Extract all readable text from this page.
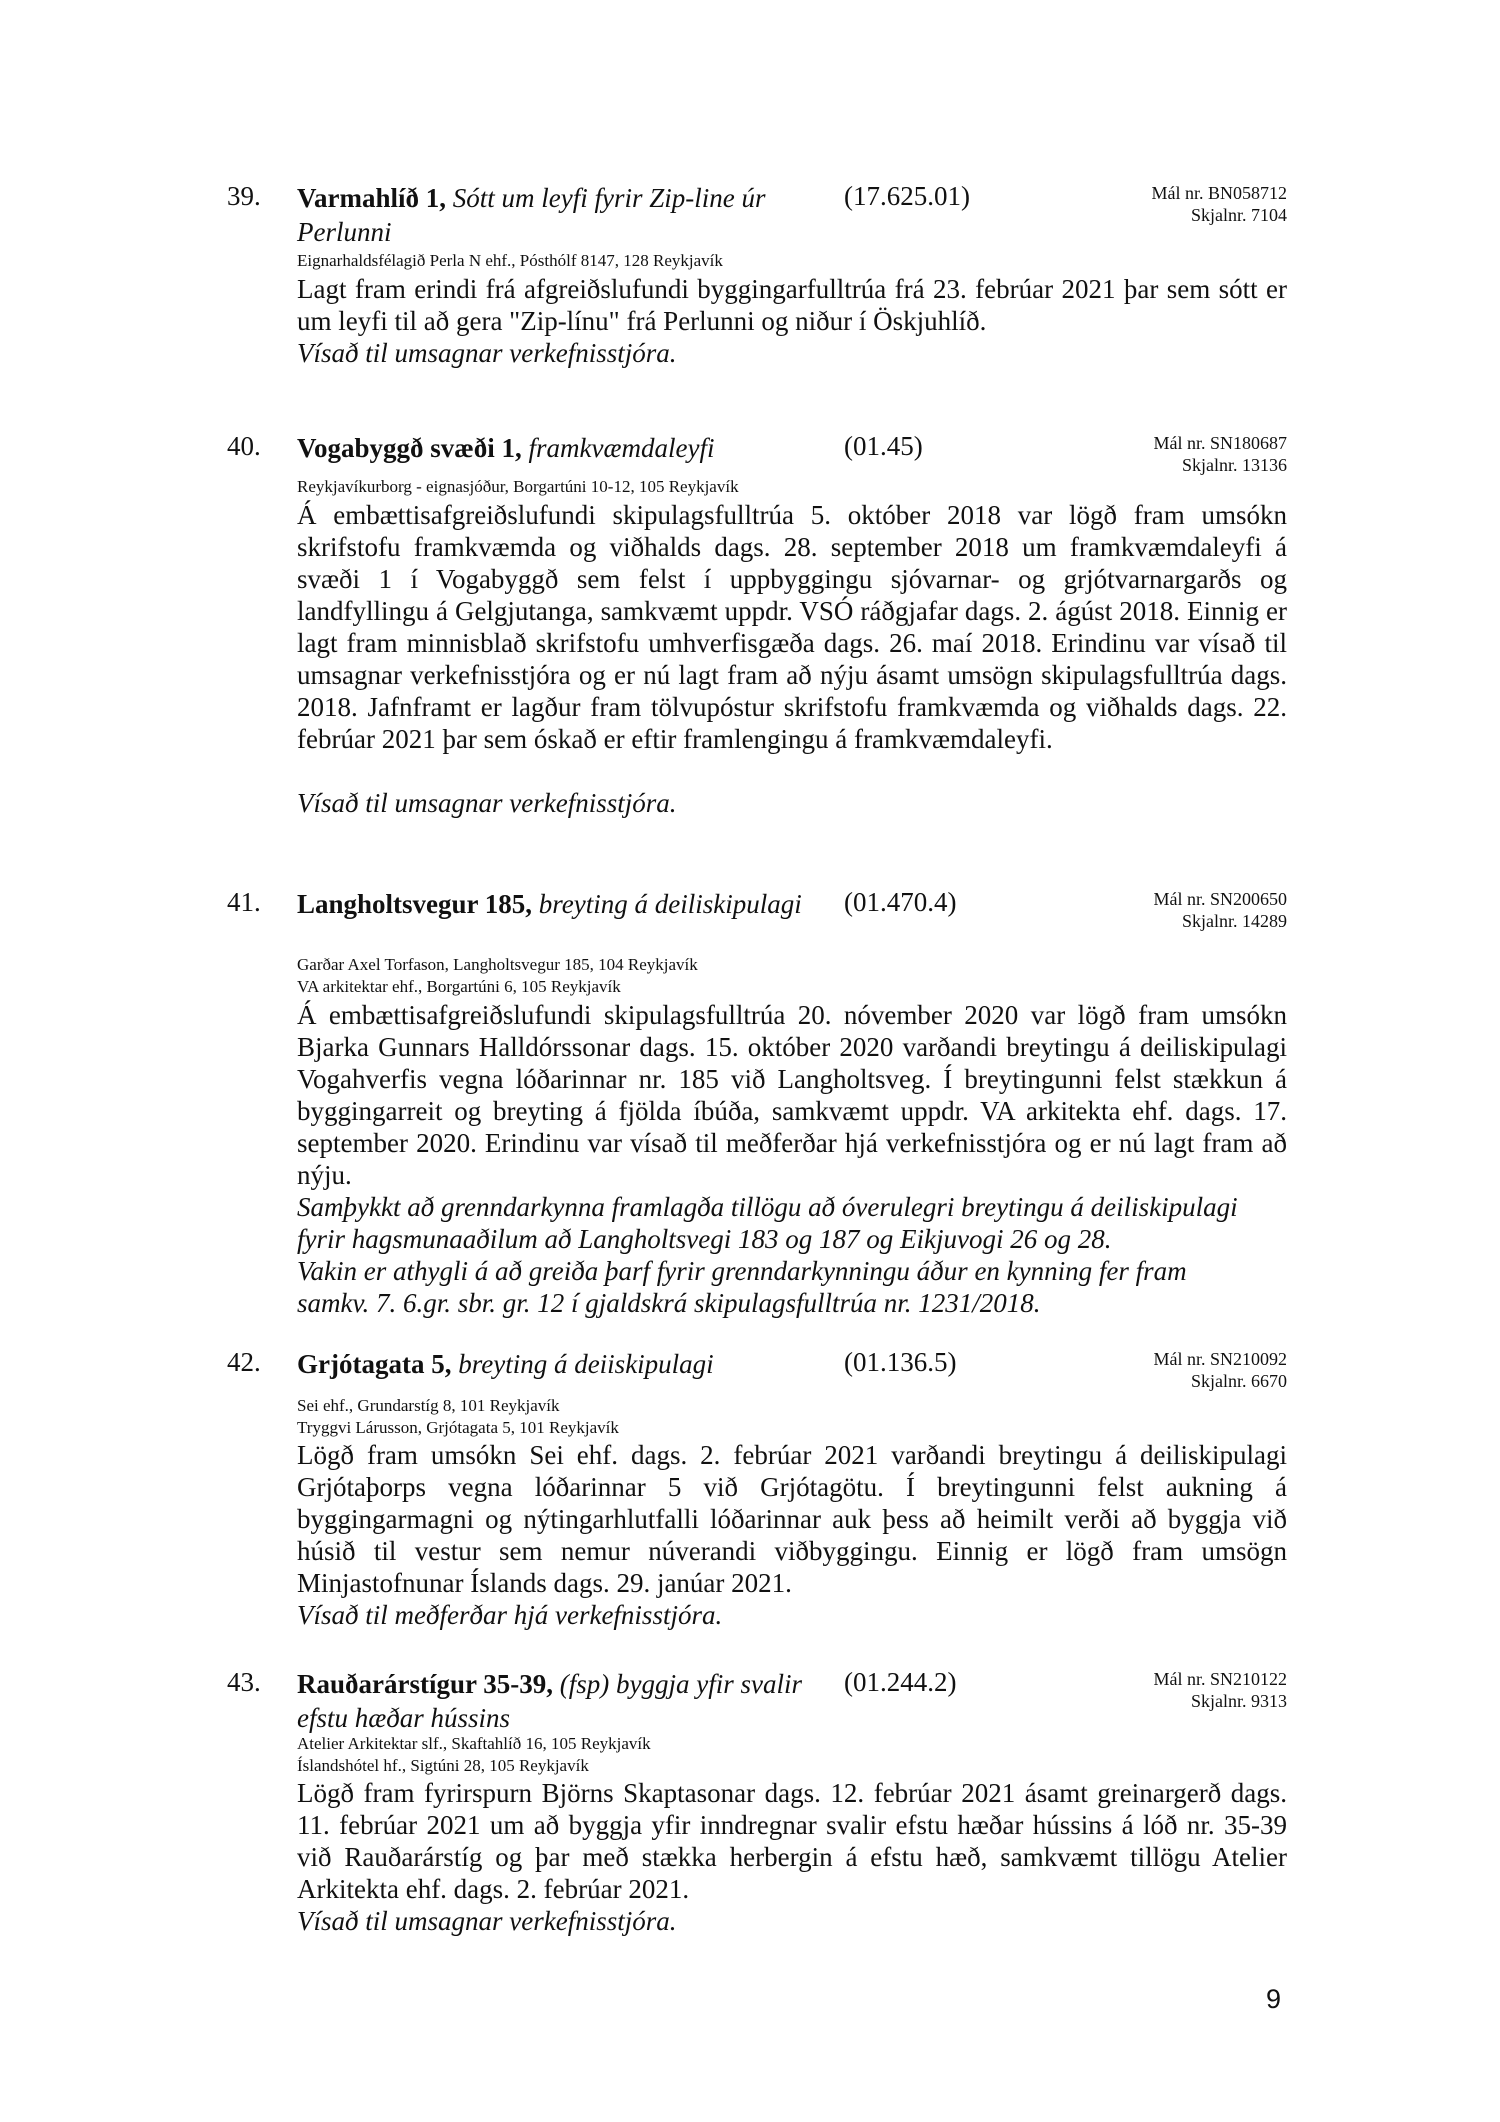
39. Varmahlíð 1, Sótt um leyfi fyrir Zip-line úr Perlunni
(17.625.01)	Mál nr. BN058712
Skjalnr. 7104
Eignarhaldsfélagið Perla N ehf., Pósthólf 8147, 128 Reykjavík
Lagt fram erindi frá afgreiðslufundi byggingarfulltrúa frá 23. febrúar 2021 þar sem sótt er um leyfi til að gera "Zip-línu" frá Perlunni og niður í Öskjuhlíð.
Vísað til umsagnar verkefnisstjóra.
40. Vogabyggð svæði 1, framkvæmdaleyfi	(01.45)	Mál nr. SN180687
Skjalnr. 13136
Reykjavíkurborg - eignasjóður, Borgartúni 10-12, 105 Reykjavík
Á embættisafgreiðslufundi skipulagsfulltrúa 5. október 2018 var lögð fram umsókn skrifstofu framkvæmda og viðhalds dags. 28. september 2018 um framkvæmdaleyfi á svæði 1 í Vogabyggð sem felst í uppbyggingu sjóvarnar- og grjótvarnargarðs og landfyllingu á Gelgjutanga, samkvæmt uppdr. VSÓ ráðgjafar dags. 2. ágúst 2018. Einnig er lagt fram minnisblað skrifstofu umhverfisgæða dags. 26. maí 2018. Erindinu var vísað til umsagnar verkefnisstjóra og er nú lagt fram að nýju ásamt umsögn skipulagsfulltrúa dags. 2018. Jafnframt er lagður fram tölvupóstur skrifstofu framkvæmda og viðhalds dags. 22. febrúar 2021 þar sem óskað er eftir framlengingu á framkvæmdaleyfi.
Vísað til umsagnar verkefnisstjóra.
41. Langholtsvegur 185, breyting á deiliskipulagi (01.470.4)	Mál nr. SN200650
Skjalnr. 14289
Garðar Axel Torfason, Langholtsvegur 185, 104 Reykjavík
VA arkitektar ehf., Borgartúni 6, 105 Reykjavík
Á embættisafgreiðslufundi skipulagsfulltrúa 20. nóvember 2020 var lögð fram umsókn Bjarka Gunnars Halldórssonar dags. 15. október 2020 varðandi breytingu á deiliskipulagi Vogahverfis vegna lóðarinnar nr. 185 við Langholtsveg. Í breytingunni felst stækkun á byggingarreit og breyting á fjölda íbúða, samkvæmt uppdr. VA arkitekta ehf. dags. 17. september 2020. Erindinu var vísað til meðferðar hjá verkefnisstjóra og er nú lagt fram að nýju.
Samþykkt að grenndarkynna framlagða tillögu að óverulegri breytingu á deiliskipulagi
fyrir hagsmunaaðilum að Langholtsvegi 183 og 187 og Eikjuvogi 26 og 28.
Vakin er athygli á að greiða þarf fyrir grenndarkynningu áður en kynning fer fram
samkv. 7. 6.gr. sbr. gr. 12 í gjaldskrá skipulagsfulltrúa nr. 1231/2018.
42. Grjótagata 5, breyting á deiiskipulagi	(01.136.5)	Mál nr. SN210092
Skjalnr. 6670
Sei ehf., Grundarstíg 8, 101 Reykjavík
Tryggvi Lárusson, Grjótagata 5, 101 Reykjavík
Lögð fram umsókn Sei ehf. dags. 2. febrúar 2021 varðandi breytingu á deiliskipulagi Grjótaþorps vegna lóðarinnar 5 við Grjótagötu. Í breytingunni felst aukning á byggingarmagni og nýtingarhlutfalli lóðarinnar auk þess að heimilt verði að byggja við húsið til vestur sem nemur núverandi viðbyggingu. Einnig er lögð fram umsögn Minjastofnunar Íslands dags. 29. janúar 2021.
Vísað til meðferðar hjá verkefnisstjóra.
43. Rauðarárstígur 35-39, (fsp) byggja yfir svalir efstu hæðar hússins
(01.244.2)	Mál nr. SN210122
Skjalnr. 9313
Atelier Arkitektar slf., Skaftahlíð 16, 105 Reykjavík
Íslandshótel hf., Sigtúni 28, 105 Reykjavík
Lögð fram fyrirspurn Björns Skaptasonar dags. 12. febrúar 2021 ásamt greinargerð dags. 11. febrúar 2021 um að byggja yfir inndregnar svalir efstu hæðar hússins á lóð nr. 35-39 við Rauðarárstíg og þar með stækka herbergin á efstu hæð, samkvæmt tillögu Atelier Arkitekta ehf. dags. 2. febrúar 2021.
Vísað til umsagnar verkefnisstjóra.
9
